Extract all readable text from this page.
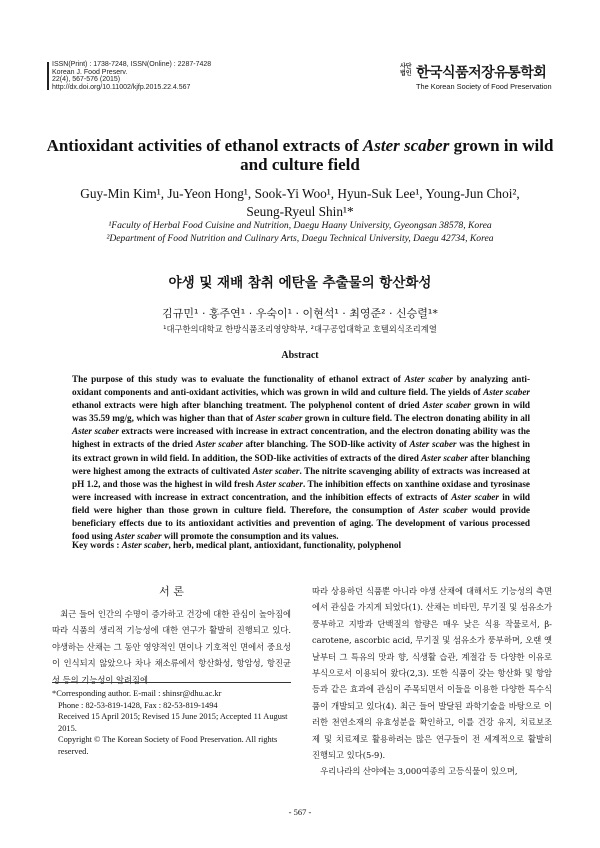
ISSN(Print) : 1738-7248, ISSN(Online) : 2287-7428
Korean J. Food Preserv.
22(4), 567-576 (2015)
http://dx.doi.org/10.11002/kjfp.2015.22.4.567
사단
법인 한국식품저장유통학회
The Korean Society of Food Preservation
Antioxidant activities of ethanol extracts of Aster scaber grown in wild and culture field
Guy-Min Kim¹, Ju-Yeon Hong¹, Sook-Yi Woo¹, Hyun-Suk Lee¹, Young-Jun Choi²,
Seung-Ryeul Shin¹*
¹Faculty of Herbal Food Cuisine and Nutrition, Daegu Haany University, Gyeongsan 38578, Korea
²Department of Food Nutrition and Culinary Arts, Daegu Technical University, Daegu 42734, Korea
야생 및 재배 참취 에탄올 추출물의 항산화성
김규민¹ · 홍주연¹ · 우숙이¹ · 이현석¹ · 최영준² · 신승렬¹*
¹대구한의대학교 한방식품조리영양학부, ²대구공업대학교 호텔외식조리계열
Abstract
The purpose of this study was to evaluate the functionality of ethanol extract of Aster scaber by analyzing anti-oxidant components and anti-oxidant activities, which was grown in wild and culture field. The yields of Aster scaber ethanol extracts were high after blanching treatment. The polyphenol content of dried Aster scaber grown in wild was 35.59 mg/g, which was higher than that of Aster scaber grown in culture field. The electron donating ability in all Aster scaber extracts were increased with increase in extract concentration, and the electron donating ability was the highest in extracts of the dried Aster scaber after blanching. The SOD-like activity of Aster scaber was the highest in its extract grown in wild field. In addition, the SOD-like activities of extracts of the dired Aster scaber after blanching were highest among the extracts of cultivated Aster scaber. The nitrite scavenging ability of extracts was increased at pH 1.2, and those was the highest in wild fresh Aster scaber. The inhibition effects on xanthine oxidase and tyrosinase were increased with increase in extract concentration, and the inhibition effects of extracts of Aster scaber in wild field were higher than those grown in culture field. Therefore, the consumption of Aster scaber would provide beneficiary effects due to its antioxidant activities and prevention of aging. The development of various processed food using Aster scaber will promote the consumption and its values.
Key words : Aster scaber, herb, medical plant, antioxidant, functionality, polyphenol
서 론

최근 들어 인간의 수명이 증가하고 건강에 대한 관심이 높아짐에 따라 식품의 생리적 기능성에 대한 연구가 활발히 진행되고 있다. 야생하는 산채는 그 동안 영양적인 면이나 기호적인 면에서 중요성이 인식되지 않았으나 차나 채소류에서 항산화성, 항암성, 항진균성 등의 기능성이 알려짐에

*Corresponding author. E-mail : shinsr@dhu.ac.kr
Phone : 82-53-819-1428, Fax : 82-53-819-1494
Received 15 April 2015; Revised 15 June 2015; Accepted 11 August 2015.
Copyright © The Korean Society of Food Preservation. All rights reserved.

따라 상용하던 식품뿐 아니라 야생 산채에 대해서도 기능성의 측면에서 관심을 가지게 되었다(1). 산채는 비타민, 무기질 및 섬유소가 풍부하고 지방과 단백질의 함량은 매우 낮은 식용 작물로서, β-carotene, ascorbic acid, 무기질 및 섬유소가 풍부하며, 오랜 옛날부터 그 특유의 맛과 향, 식생활 습관, 계절감 등 다양한 이유로 부식으로서 이용되어 왔다(2,3). 또한 식품이 갖는 항산화 및 항암 등과 같은 효과에 관심이 주목되면서 이들을 이용한 다양한 특수식품이 개발되고 있다(4). 최근 들어 발달된 과학기술을 바탕으로 이러한 천연소재의 유효성분을 확인하고, 이를 건강 유지, 치료보조제 및 치료제로 활용하려는 많은 연구들이 전 세계적으로 활발히 진행되고 있다(5-9).

우리나라의 산야에는 3,000여종의 고등식물이 있으며,

- 567 -
